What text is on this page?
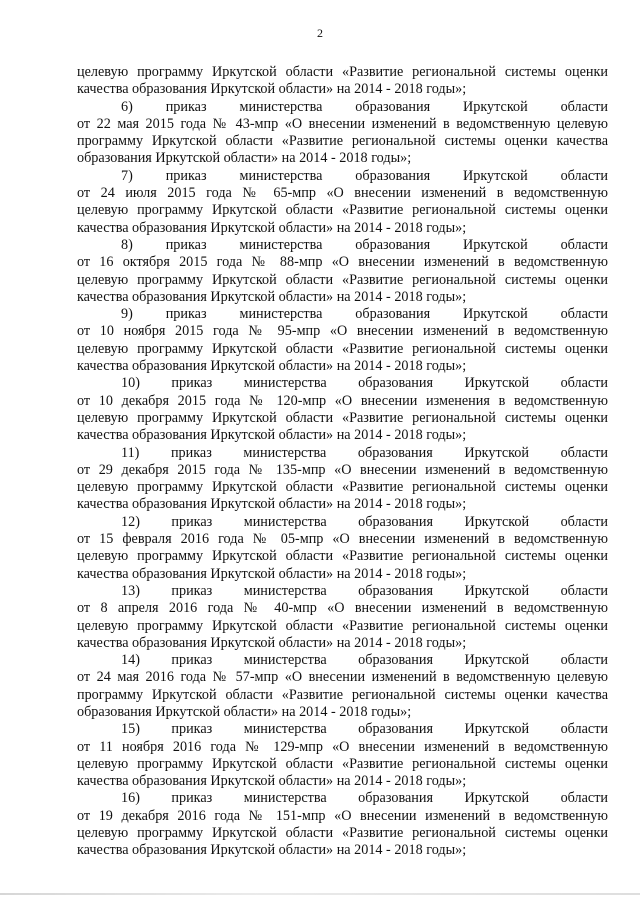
2
целевую программу Иркутской области «Развитие региональной системы оценки
качества образования Иркутской области» на 2014 - 2018 годы»;
6) приказ министерства образования Иркутской области
от 22 мая 2015 года № 43-мпр «О внесении изменений в ведомственную целевую
программу Иркутской области «Развитие региональной системы оценки качества
образования Иркутской области» на 2014 - 2018 годы»;
7) приказ министерства образования Иркутской области
от 24 июля 2015 года № 65-мпр «О внесении изменений в ведомственную
целевую программу Иркутской области «Развитие региональной системы оценки
качества образования Иркутской области» на 2014 - 2018 годы»;
8) приказ министерства образования Иркутской области
от 16 октября 2015 года № 88-мпр «О внесении изменений в ведомственную
целевую программу Иркутской области «Развитие региональной системы оценки
качества образования Иркутской области» на 2014 - 2018 годы»;
9) приказ министерства образования Иркутской области
от 10 ноября 2015 года № 95-мпр «О внесении изменений в ведомственную
целевую программу Иркутской области «Развитие региональной системы оценки
качества образования Иркутской области» на 2014 - 2018 годы»;
10) приказ министерства образования Иркутской области
от 10 декабря 2015 года № 120-мпр «О внесении изменения в ведомственную
целевую программу Иркутской области «Развитие региональной системы оценки
качества образования Иркутской области» на 2014 - 2018 годы»;
11) приказ министерства образования Иркутской области
от 29 декабря 2015 года № 135-мпр «О внесении изменений в ведомственную
целевую программу Иркутской области «Развитие региональной системы оценки
качества образования Иркутской области» на 2014 - 2018 годы»;
12) приказ министерства образования Иркутской области
от 15 февраля 2016 года № 05-мпр «О внесении изменений в ведомственную
целевую программу Иркутской области «Развитие региональной системы оценки
качества образования Иркутской области» на 2014 - 2018 годы»;
13) приказ министерства образования Иркутской области
от 8 апреля 2016 года № 40-мпр «О внесении изменений в ведомственную
целевую программу Иркутской области «Развитие региональной системы оценки
качества образования Иркутской области» на 2014 - 2018 годы»;
14) приказ министерства образования Иркутской области
от 24 мая 2016 года № 57-мпр «О внесении изменений в ведомственную целевую
программу Иркутской области «Развитие региональной системы оценки качества
образования Иркутской области» на 2014 - 2018 годы»;
15) приказ министерства образования Иркутской области
от 11 ноября 2016 года № 129-мпр «О внесении изменений в ведомственную
целевую программу Иркутской области «Развитие региональной системы оценки
качества образования Иркутской области» на 2014 - 2018 годы»;
16) приказ министерства образования Иркутской области
от 19 декабря 2016 года № 151-мпр «О внесении изменений в ведомственную
целевую программу Иркутской области «Развитие региональной системы оценки
качества образования Иркутской области» на 2014 - 2018 годы»;
